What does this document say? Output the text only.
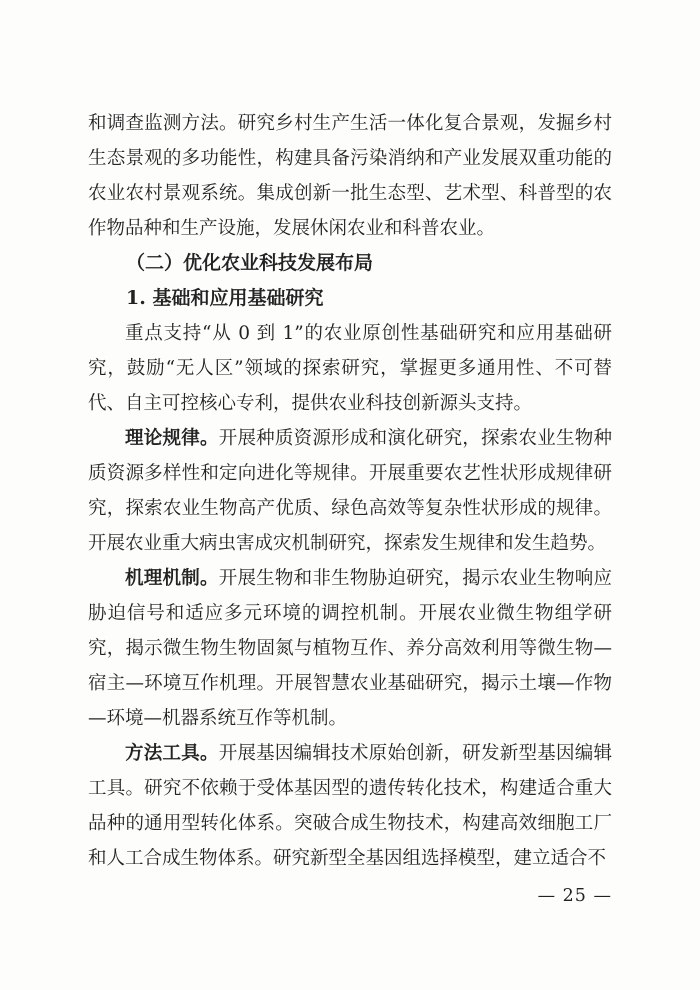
和调查监测方法。研究乡村生产生活一体化复合景观，发掘乡村生态景观的多功能性，构建具备污染消纳和产业发展双重功能的农业农村景观系统。集成创新一批生态型、艺术型、科普型的农作物品种和生产设施，发展休闲农业和科普农业。

（二）优化农业科技发展布局

1. 基础和应用基础研究

重点支持“从 0 到 1”的农业原创性基础研究和应用基础研究，鼓励“无人区”领域的探索研究，掌握更多通用性、不可替代、自主可控核心专利，提供农业科技创新源头支持。

理论规律。开展种质资源形成和演化研究，探索农业生物种质资源多样性和定向进化等规律。开展重要农艺性状形成规律研究，探索农业生物高产优质、绿色高效等复杂性状形成的规律。开展农业重大病虫害成灾机制研究，探索发生规律和发生趋势。

机理机制。开展生物和非生物胁迫研究，揭示农业生物响应胁迫信号和适应多元环境的调控机制。开展农业微生物组学研究，揭示微生物生物固氮与植物互作、养分高效利用等微生物—宿主—环境互作机理。开展智慧农业基础研究，揭示土壤—作物—环境—机器系统互作等机制。

方法工具。开展基因编辑技术原始创新，研发新型基因编辑工具。研究不依赖于受体基因型的遗传转化技术，构建适合重大品种的通用型转化体系。突破合成生物技术，构建高效细胞工厂和人工合成生物体系。研究新型全基因组选择模型，建立适合不

— 25 —
